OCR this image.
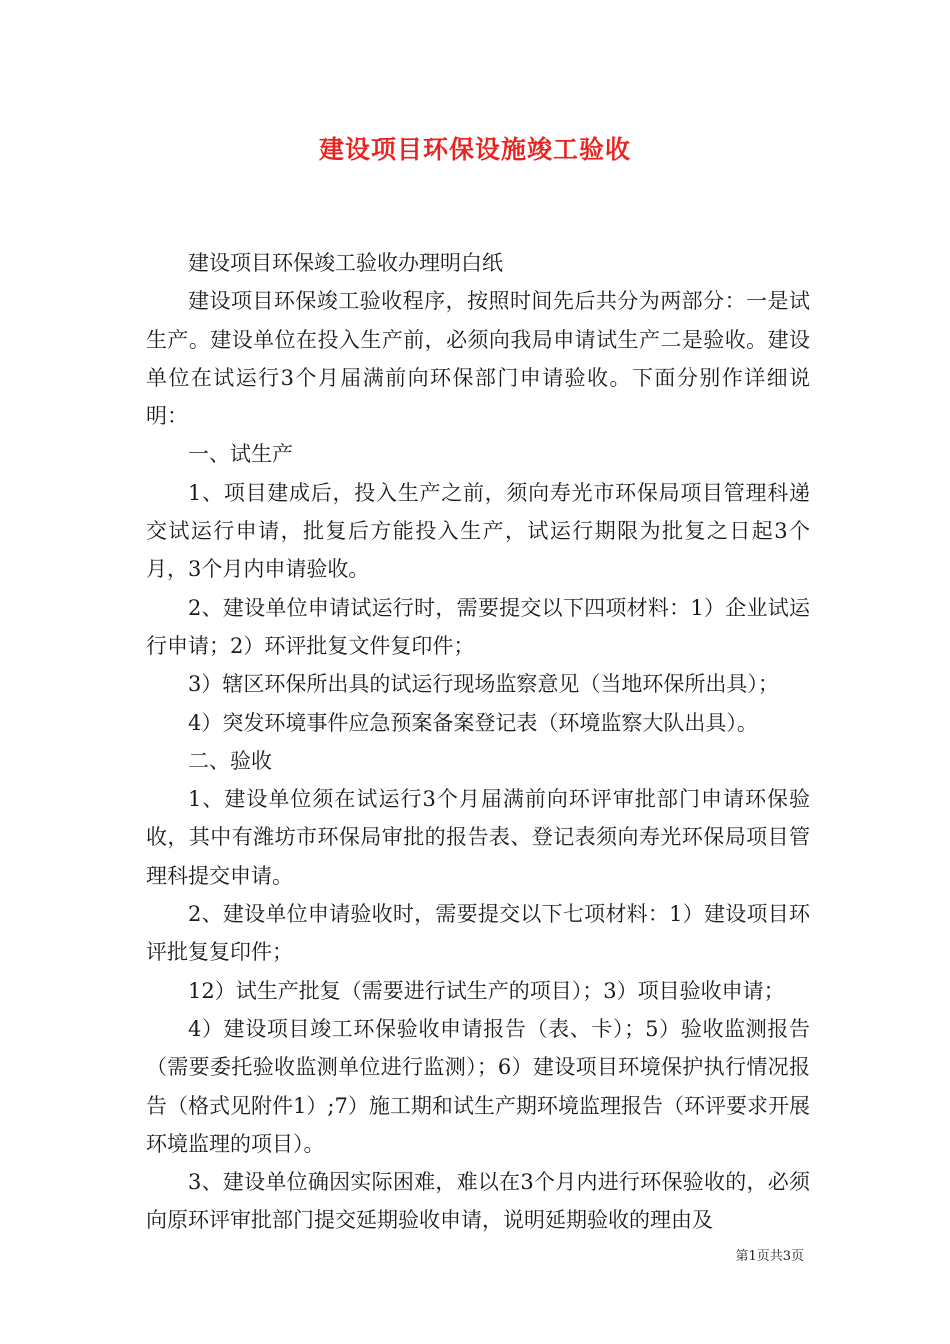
建设项目环保设施竣工验收

建设项目环保竣工验收办理明白纸

建设项目环保竣工验收程序，按照时间先后共分为两部分：一是试生产。建设单位在投入生产前，必须向我局申请试生产二是验收。建设单位在试运行3个月届满前向环保部门申请验收。下面分别作详细说明：

一、试生产

1、项目建成后，投入生产之前，须向寿光市环保局项目管理科递交试运行申请，批复后方能投入生产，试运行期限为批复之日起3个月，3个月内申请验收。

2、建设单位申请试运行时，需要提交以下四项材料：1）企业试运行申请；2）环评批复文件复印件；

3）辖区环保所出具的试运行现场监察意见（当地环保所出具）；

4）突发环境事件应急预案备案登记表（环境监察大队出具）。

二、验收

1、建设单位须在试运行3个月届满前向环评审批部门申请环保验收，其中有潍坊市环保局审批的报告表、登记表须向寿光环保局项目管理科提交申请。

2、建设单位申请验收时，需要提交以下七项材料：1）建设项目环评批复复印件；

12）试生产批复（需要进行试生产的项目）；3）项目验收申请；

4）建设项目竣工环保验收申请报告（表、卡）；5）验收监测报告（需要委托验收监测单位进行监测）；6）建设项目环境保护执行情况报告（格式见附件1）;7）施工期和试生产期环境监理报告（环评要求开展环境监理的项目）。

3、建设单位确因实际困难，难以在3个月内进行环保验收的，必须向原环评审批部门提交延期验收申请，说明延期验收的理由及

第1页共3页
